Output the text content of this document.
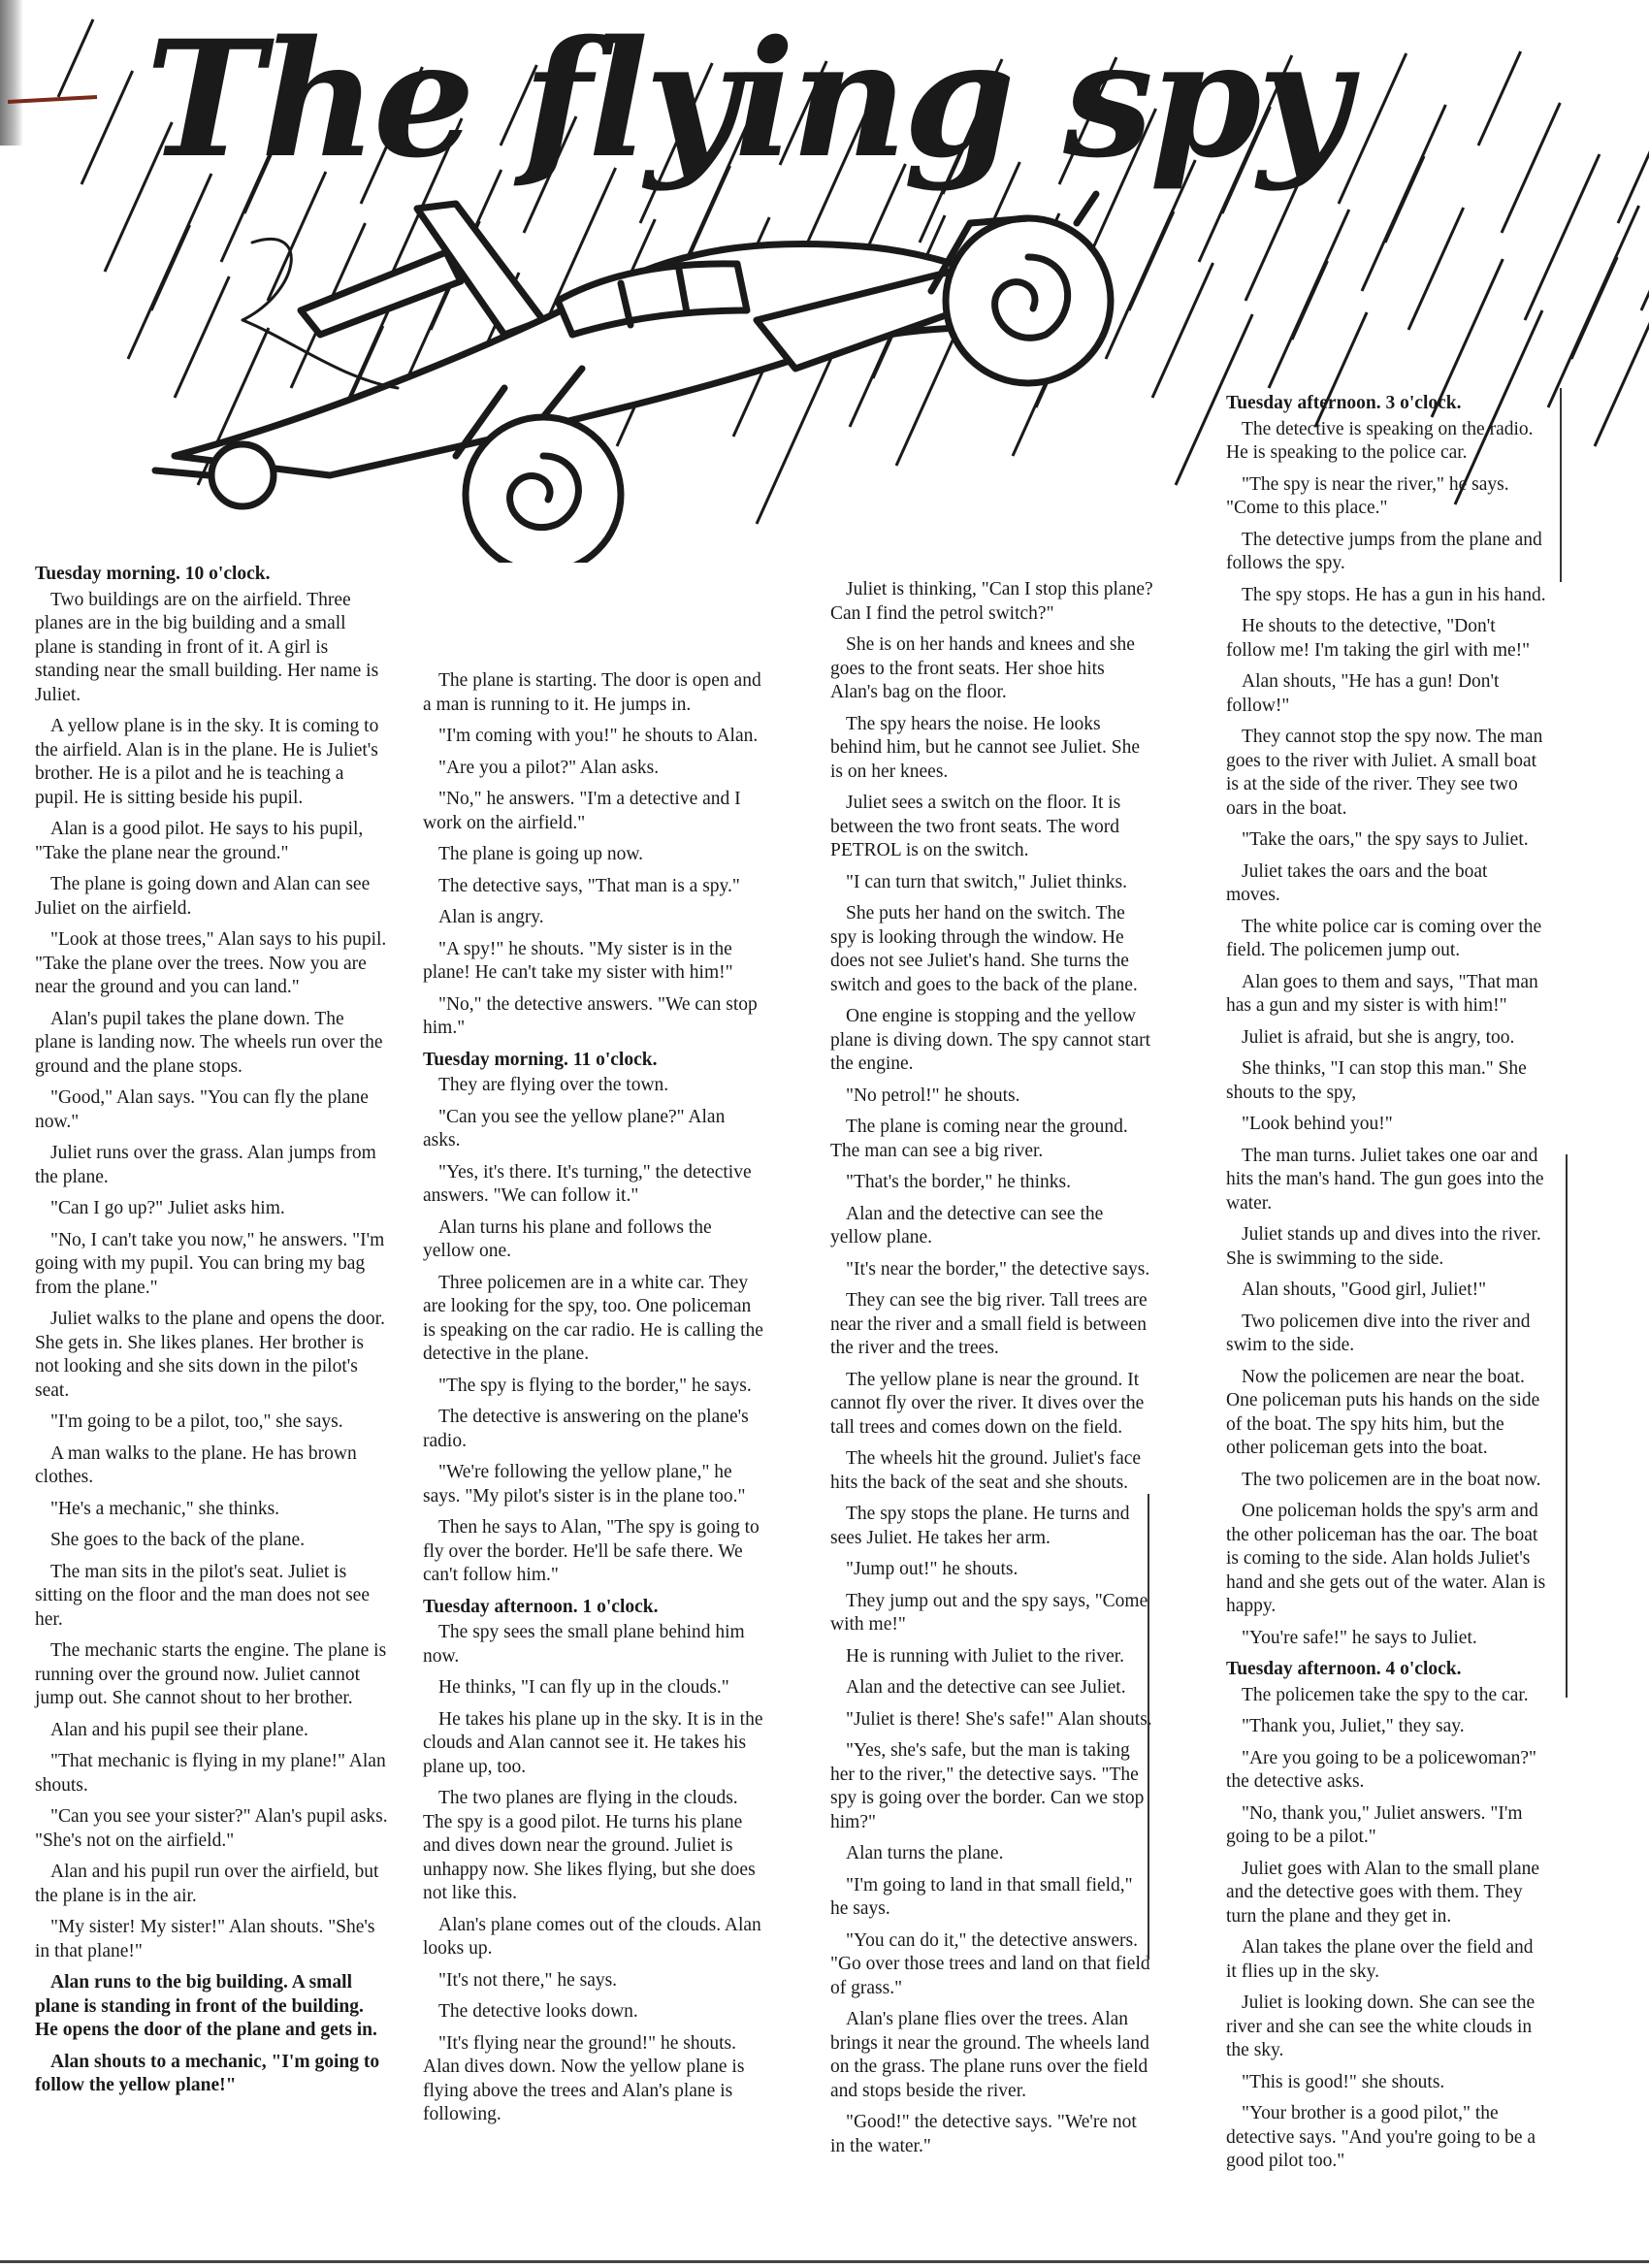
The flying spy

Tuesday morning. 10 o'clock.

Two buildings are on the airfield. Three planes are in the big building and a small plane is standing in front of it. A girl is standing near the small building. Her name is Juliet.

A yellow plane is in the sky. It is coming to the airfield. Alan is in the plane. He is Juliet's brother. He is a pilot and he is teaching a pupil. He is sitting beside his pupil.

Alan is a good pilot. He says to his pupil, "Take the plane near the ground."

The plane is going down and Alan can see Juliet on the airfield.

"Look at those trees," Alan says to his pupil. "Take the plane over the trees. Now you are near the ground and you can land."

Alan's pupil takes the plane down. The plane is landing now. The wheels run over the ground and the plane stops.

"Good," Alan says. "You can fly the plane now."

Juliet runs over the grass. Alan jumps from the plane.

"Can I go up?" Juliet asks him.

"No, I can't take you now," he answers. "I'm going with my pupil. You can bring my bag from the plane."

Juliet walks to the plane and opens the door. She gets in. She likes planes. Her brother is not looking and she sits down in the pilot's seat.

"I'm going to be a pilot, too," she says.

A man walks to the plane. He has brown clothes.

"He's a mechanic," she thinks.

She goes to the back of the plane.

The man sits in the pilot's seat. Juliet is sitting on the floor and the man does not see her.

The mechanic starts the engine. The plane is running over the ground now. Juliet cannot jump out. She cannot shout to her brother.

Alan and his pupil see their plane.

"That mechanic is flying in my plane!" Alan shouts.

"Can you see your sister?" Alan's pupil asks. "She's not on the airfield."

Alan and his pupil run over the airfield, but the plane is in the air.

"My sister! My sister!" Alan shouts. "She's in that plane!"

Alan runs to the big building. A small plane is standing in front of the building. He opens the door of the plane and gets in.

Alan shouts to a mechanic, "I'm going to follow the yellow plane!"

The plane is starting. The door is open and a man is running to it. He jumps in.

"I'm coming with you!" he shouts to Alan.

"Are you a pilot?" Alan asks.

"No," he answers. "I'm a detective and I work on the airfield."

The plane is going up now.

The detective says, "That man is a spy."

Alan is angry.

"A spy!" he shouts. "My sister is in the plane! He can't take my sister with him!"

"No," the detective answers. "We can stop him."

Tuesday morning. 11 o'clock.

They are flying over the town.

"Can you see the yellow plane?" Alan asks.

"Yes, it's there. It's turning," the detective answers. "We can follow it."

Alan turns his plane and follows the yellow one.

Three policemen are in a white car. They are looking for the spy, too. One policeman is speaking on the car radio. He is calling the detective in the plane.

"The spy is flying to the border," he says.

The detective is answering on the plane's radio.

"We're following the yellow plane," he says. "My pilot's sister is in the plane too."

Then he says to Alan, "The spy is going to fly over the border. He'll be safe there. We can't follow him."

Tuesday afternoon. 1 o'clock.

The spy sees the small plane behind him now.

He thinks, "I can fly up in the clouds."

He takes his plane up in the sky. It is in the clouds and Alan cannot see it. He takes his plane up, too.

The two planes are flying in the clouds. The spy is a good pilot. He turns his plane and dives down near the ground. Juliet is unhappy now. She likes flying, but she does not like this.

Alan's plane comes out of the clouds. Alan looks up.

"It's not there," he says.

The detective looks down.

"It's flying near the ground!" he shouts. Alan dives down. Now the yellow plane is flying above the trees and Alan's plane is following.

Juliet is thinking, "Can I stop this plane? Can I find the petrol switch?"

She is on her hands and knees and she goes to the front seats. Her shoe hits Alan's bag on the floor.

The spy hears the noise. He looks behind him, but he cannot see Juliet. She is on her knees.

Juliet sees a switch on the floor. It is between the two front seats. The word PETROL is on the switch.

"I can turn that switch," Juliet thinks.

She puts her hand on the switch. The spy is looking through the window. He does not see Juliet's hand. She turns the switch and goes to the back of the plane.

One engine is stopping and the yellow plane is diving down. The spy cannot start the engine.

"No petrol!" he shouts.

The plane is coming near the ground. The man can see a big river.

"That's the border," he thinks.

Alan and the detective can see the yellow plane.

"It's near the border," the detective says.

They can see the big river. Tall trees are near the river and a small field is between the river and the trees.

The yellow plane is near the ground. It cannot fly over the river. It dives over the tall trees and comes down on the field.

The wheels hit the ground. Juliet's face hits the back of the seat and she shouts.

The spy stops the plane. He turns and sees Juliet. He takes her arm.

"Jump out!" he shouts.

They jump out and the spy says, "Come with me!"

He is running with Juliet to the river.

Alan and the detective can see Juliet.

"Juliet is there! She's safe!" Alan shouts.

"Yes, she's safe, but the man is taking her to the river," the detective says. "The spy is going over the border. Can we stop him?"

Alan turns the plane.

"I'm going to land in that small field," he says.

"You can do it," the detective answers. "Go over those trees and land on that field of grass."

Alan's plane flies over the trees. Alan brings it near the ground. The wheels land on the grass. The plane runs over the field and stops beside the river.

"Good!" the detective says. "We're not in the water."

Tuesday afternoon. 3 o'clock.

The detective is speaking on the radio. He is speaking to the police car.

"The spy is near the river," he says. "Come to this place."

The detective jumps from the plane and follows the spy.

The spy stops. He has a gun in his hand.

He shouts to the detective, "Don't follow me! I'm taking the girl with me!"

Alan shouts, "He has a gun! Don't follow!"

They cannot stop the spy now. The man goes to the river with Juliet. A small boat is at the side of the river. They see two oars in the boat.

"Take the oars," the spy says to Juliet.

Juliet takes the oars and the boat moves.

The white police car is coming over the field. The policemen jump out.

Alan goes to them and says, "That man has a gun and my sister is with him!"

Juliet is afraid, but she is angry, too.

She thinks, "I can stop this man." She shouts to the spy,

"Look behind you!"

The man turns. Juliet takes one oar and hits the man's hand. The gun goes into the water.

Juliet stands up and dives into the river. She is swimming to the side.

Alan shouts, "Good girl, Juliet!"

Two policemen dive into the river and swim to the side.

Now the policemen are near the boat. One policeman puts his hands on the side of the boat. The spy hits him, but the other policeman gets into the boat.

The two policemen are in the boat now.

One policeman holds the spy's arm and the other policeman has the oar. The boat is coming to the side. Alan holds Juliet's hand and she gets out of the water. Alan is happy.

"You're safe!" he says to Juliet.

Tuesday afternoon. 4 o'clock.

The policemen take the spy to the car.

"Thank you, Juliet," they say.

"Are you going to be a policewoman?" the detective asks.

"No, thank you," Juliet answers. "I'm going to be a pilot."

Juliet goes with Alan to the small plane and the detective goes with them. They turn the plane and they get in.

Alan takes the plane over the field and it flies up in the sky.

Juliet is looking down. She can see the river and she can see the white clouds in the sky.

"This is good!" she shouts.

"Your brother is a good pilot," the detective says. "And you're going to be a good pilot too."
